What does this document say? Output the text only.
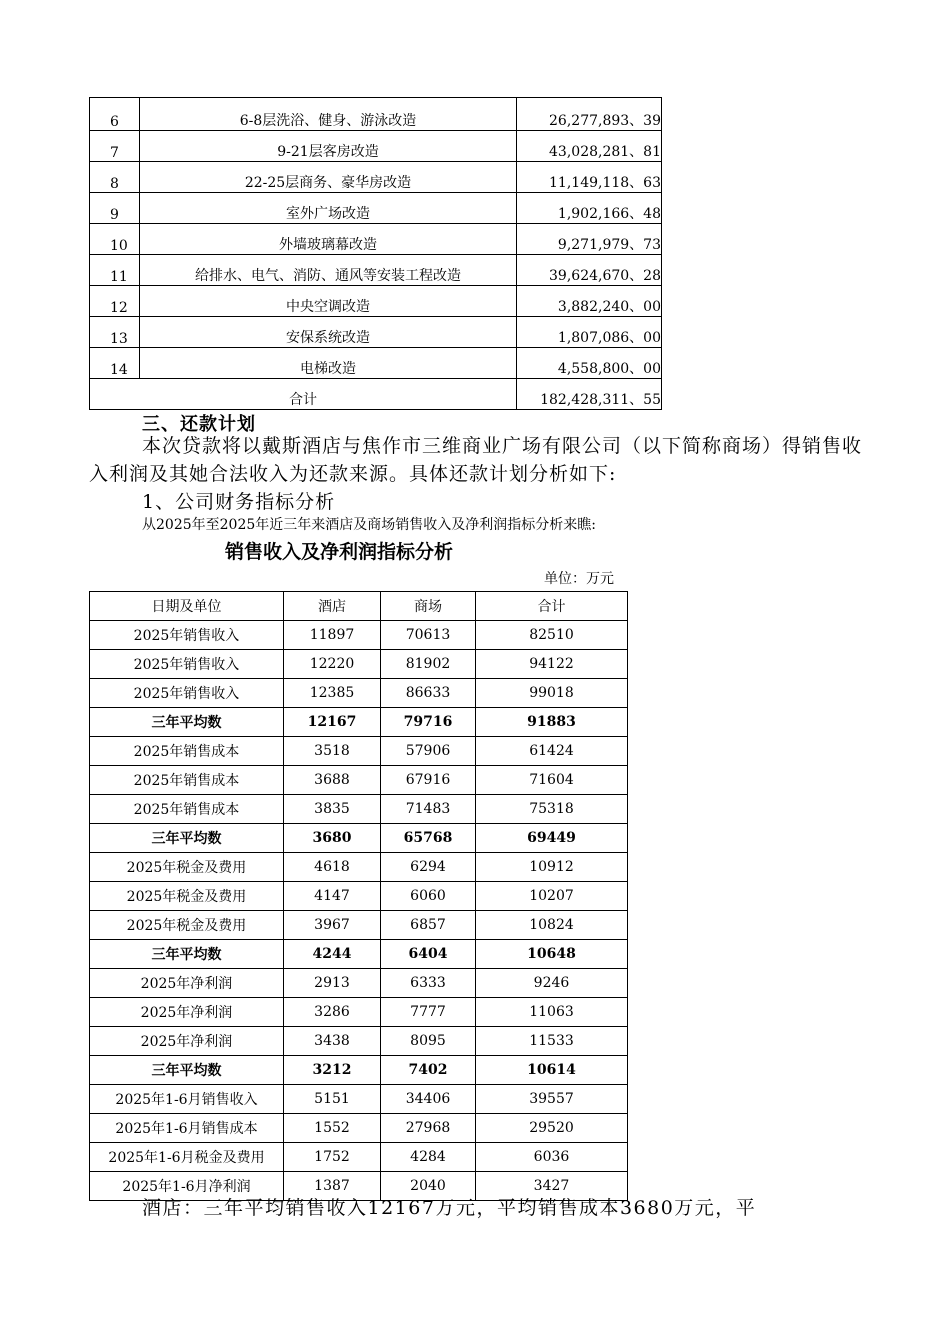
6	6-8层洗浴、健身、游泳改造	26,277,893、39
7	9-21层客房改造	43,028,281、81
8	22-25层商务、豪华房改造	11,149,118、63
9	室外广场改造	1,902,166、48
10	外墙玻璃幕改造	9,271,979、73
11	给排水、电气、消防、通风等安装工程改造	39,624,670、28
12	中央空调改造	3,882,240、00
13	安保系统改造	1,807,086、00
14	电梯改造	4,558,800、00
合计		182,428,311、55
三、还款计划

本次贷款将以戴斯酒店与焦作市三维商业广场有限公司（以下简称商场）得销售收入利润及其她合法收入为还款来源。具体还款计划分析如下:

1、公司财务指标分析
从2025年至2025年近三年来酒店及商场销售收入及净利润指标分析来瞧:
销售收入及净利润指标分析
单位：万元
日期及单位	酒店	商场	合计
2025年销售收入	11897	70613	82510
2025年销售收入	12220	81902	94122
2025年销售收入	12385	86633	99018
三年平均数	12167	79716	91883
2025年销售成本	3518	57906	61424
2025年销售成本	3688	67916	71604
2025年销售成本	3835	71483	75318
三年平均数	3680	65768	69449
2025年税金及费用	4618	6294	10912
2025年税金及费用	4147	6060	10207
2025年税金及费用	3967	6857	10824
三年平均数	4244	6404	10648
2025年净利润	2913	6333	9246
2025年净利润	3286	7777	11063
2025年净利润	3438	8095	11533
三年平均数	3212	7402	10614
2025年1-6月销售收入	5151	34406	39557
2025年1-6月销售成本	1552	27968	29520
2025年1-6月税金及费用	1752	4284	6036
2025年1-6月净利润	1387	2040	3427
酒店：三年平均销售收入12167万元，平均销售成本3680万元，平
